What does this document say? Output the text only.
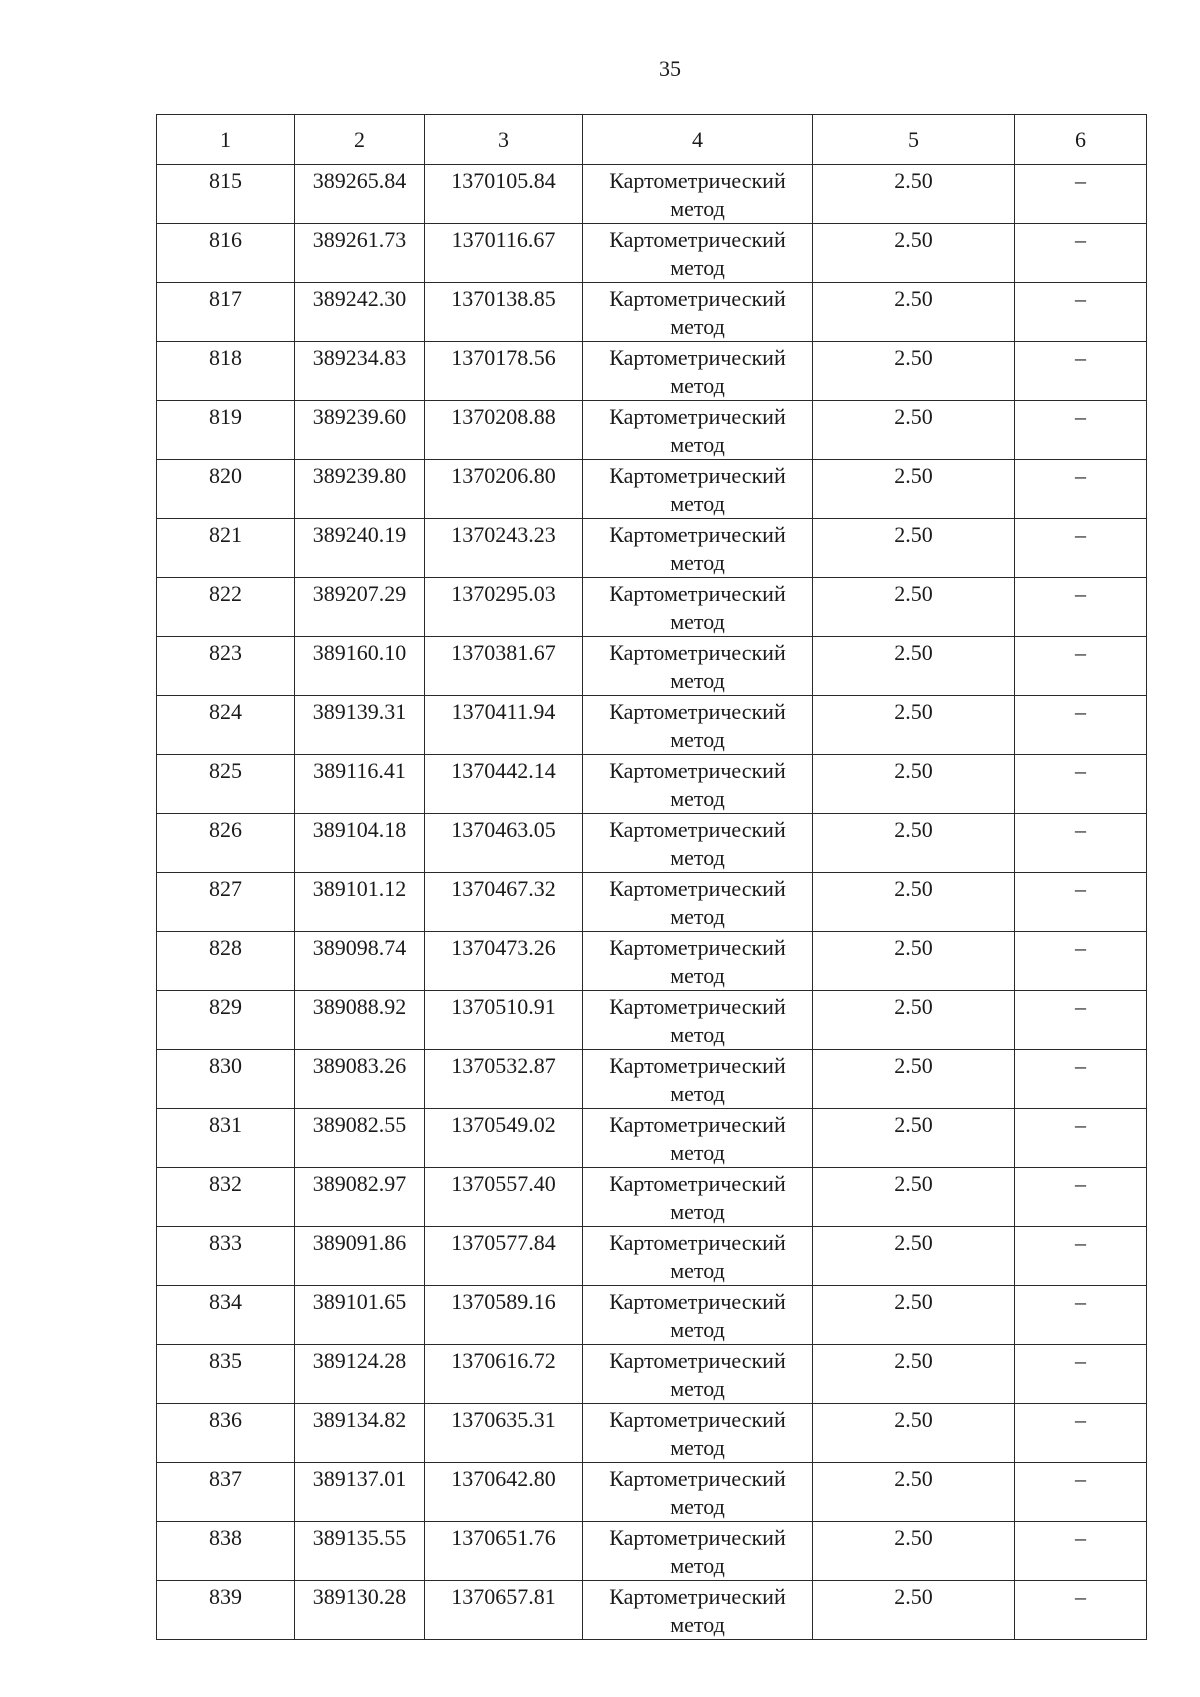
35
1	2	3	4	5	6
815	389265.84	1370105.84	Картометрический метод	2.50	–
816	389261.73	1370116.67	Картометрический метод	2.50	–
817	389242.30	1370138.85	Картометрический метод	2.50	–
818	389234.83	1370178.56	Картометрический метод	2.50	–
819	389239.60	1370208.88	Картометрический метод	2.50	–
820	389239.80	1370206.80	Картометрический метод	2.50	–
821	389240.19	1370243.23	Картометрический метод	2.50	–
822	389207.29	1370295.03	Картометрический метод	2.50	–
823	389160.10	1370381.67	Картометрический метод	2.50	–
824	389139.31	1370411.94	Картометрический метод	2.50	–
825	389116.41	1370442.14	Картометрический метод	2.50	–
826	389104.18	1370463.05	Картометрический метод	2.50	–
827	389101.12	1370467.32	Картометрический метод	2.50	–
828	389098.74	1370473.26	Картометрический метод	2.50	–
829	389088.92	1370510.91	Картометрический метод	2.50	–
830	389083.26	1370532.87	Картометрический метод	2.50	–
831	389082.55	1370549.02	Картометрический метод	2.50	–
832	389082.97	1370557.40	Картометрический метод	2.50	–
833	389091.86	1370577.84	Картометрический метод	2.50	–
834	389101.65	1370589.16	Картометрический метод	2.50	–
835	389124.28	1370616.72	Картометрический метод	2.50	–
836	389134.82	1370635.31	Картометрический метод	2.50	–
837	389137.01	1370642.80	Картометрический метод	2.50	–
838	389135.55	1370651.76	Картометрический метод	2.50	–
839	389130.28	1370657.81	Картометрический метод	2.50	–
